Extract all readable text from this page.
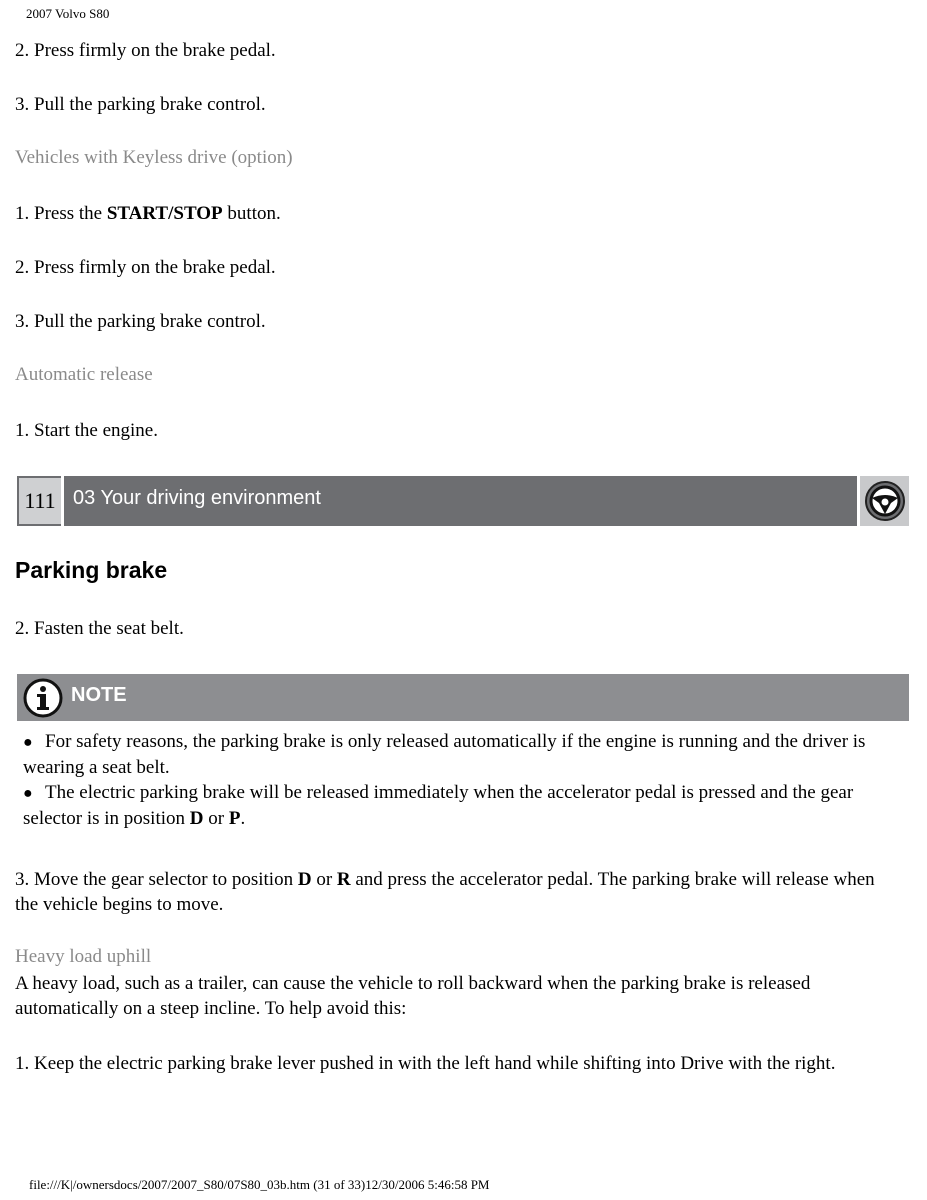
2007 Volvo S80
2. Press firmly on the brake pedal.
3. Pull the parking brake control.
Vehicles with Keyless drive (option)
1. Press the START/STOP button.
2. Press firmly on the brake pedal.
3. Pull the parking brake control.
Automatic release
1. Start the engine.
111 03 Your driving environment
Parking brake
2. Fasten the seat belt.
NOTE

● For safety reasons, the parking brake is only released automatically if the engine is running and the driver is wearing a seat belt.

● The electric parking brake will be released immediately when the accelerator pedal is pressed and the gear selector is in position D or P.

3. Move the gear selector to position D or R and press the accelerator pedal. The parking brake will release when the vehicle begins to move.
Heavy load uphill
A heavy load, such as a trailer, can cause the vehicle to roll backward when the parking brake is released automatically on a steep incline. To help avoid this:
1. Keep the electric parking brake lever pushed in with the left hand while shifting into Drive with the right.
file:///K|/ownersdocs/2007/2007_S80/07S80_03b.htm (31 of 33)12/30/2006 5:46:58 PM
